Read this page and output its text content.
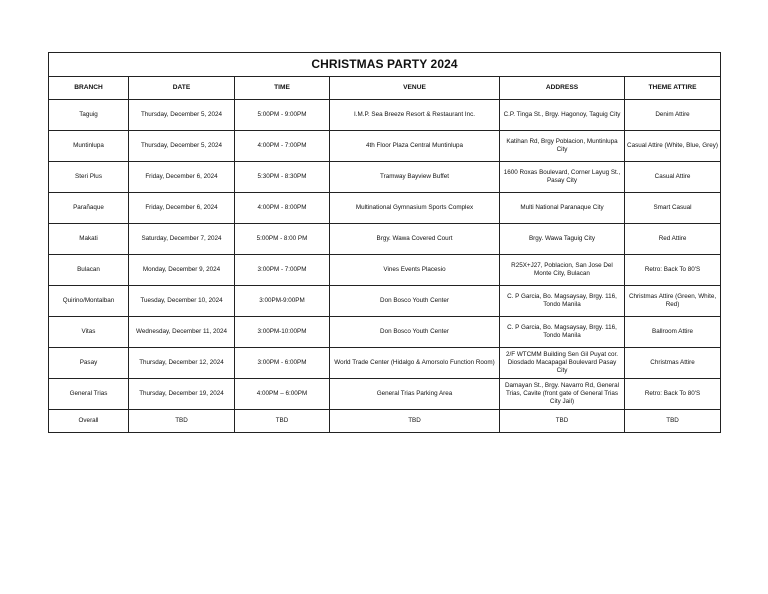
CHRISTMAS PARTY 2024					
BRANCH	DATE	TIME	VENUE	ADDRESS	THEME ATTIRE
Taguig	Thursday, December 5, 2024	5:00PM - 9:00PM	I.M.P. Sea Breeze Resort & Restaurant Inc.	C.P. Tinga St., Brgy. Hagonoy, Taguig City	Denim Attire
Muntinlupa	Thursday, December 5, 2024	4:00PM - 7:00PM	4th Floor Plaza Central Muntinlupa	Katihan Rd, Brgy Poblacion, Muntinlupa City	Casual Attire (White, Blue, Grey)
Steri Plus	Friday, December 6, 2024	5:30PM - 8:30PM	Tramway Bayview Buffet	1600 Roxas Boulevard, Corner Layug St., Pasay City	Casual Attire
Parañaque	Friday, December 6, 2024	4:00PM - 8:00PM	Multinational Gymnasium Sports Complex	Multi National Paranaque City	Smart Casual
Makati	Saturday, December 7, 2024	5:00PM - 8:00 PM	Brgy. Wawa Covered Court	Brgy. Wawa Taguig City	Red Attire
Bulacan	Monday, December 9, 2024	3:00PM - 7:00PM	Vines Events Placesio	R25X+J27, Poblacion, San Jose Del Monte City, Bulacan	Retro: Back To 80'S
Quirino/Montalban	Tuesday, December 10, 2024	3:00PM-9:00PM	Don Bosco Youth Center	C. P Garcia, Bo. Magsaysay, Brgy. 116, Tondo Manila	Christmas Attire (Green, White, Red)
Vitas	Wednesday, December 11, 2024	3:00PM-10:00PM	Don Bosco Youth Center	C. P Garcia, Bo. Magsaysay, Brgy. 116, Tondo Manila	Ballroom Attire
Pasay	Thursday, December 12, 2024	3:00PM - 6:00PM	World Trade Center (Hidalgo & Amorsolo Function Room)	2/F WTCMM Building Sen Gil Puyat cor. Diosdado Macapagal Boulevard Pasay City	Christmas Attire
General Trias	Thursday, December 19, 2024	4:00PM – 6:00PM	General Trias Parking Area	Damayan St., Brgy. Navarro Rd, General Trias, Cavite (front gate of General Trias City Jail)	Retro: Back To 80'S
Overall	TBD	TBD	TBD	TBD	TBD
